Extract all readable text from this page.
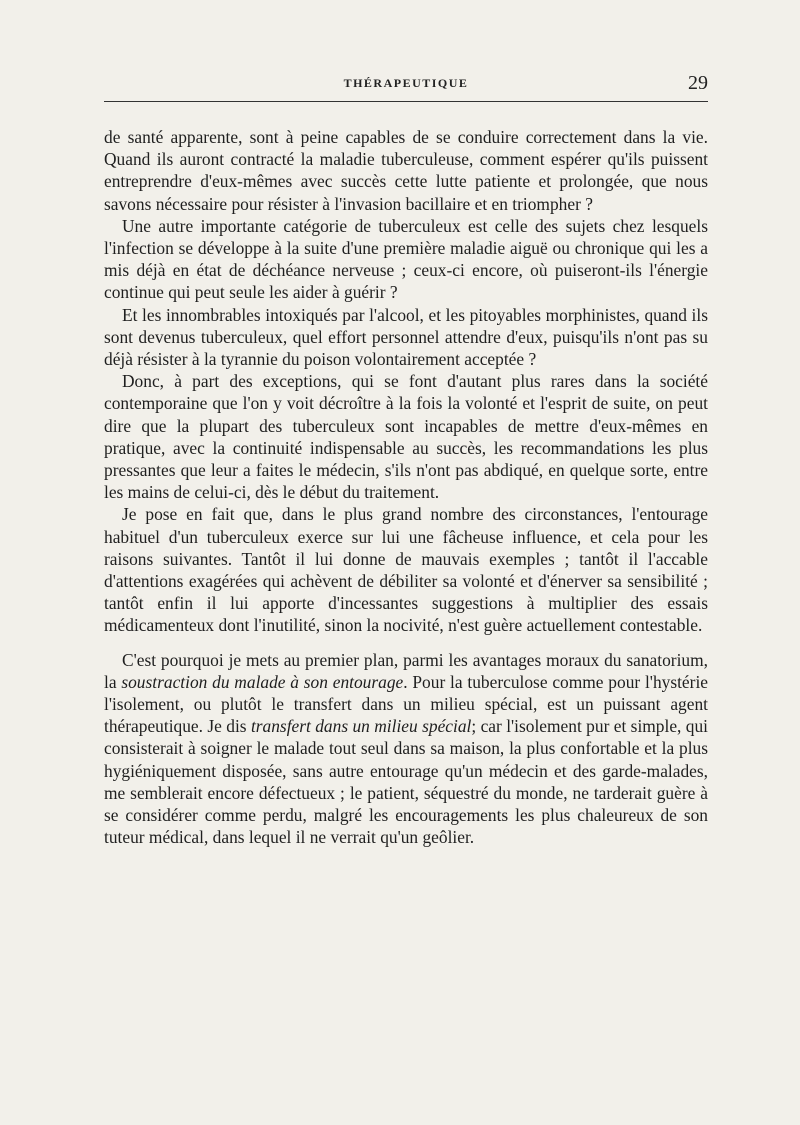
THÉRAPEUTIQUE	29

de santé apparente, sont à peine capables de se conduire correctement dans la vie. Quand ils auront contracté la maladie tuberculeuse, comment espérer qu'ils puissent entreprendre d'eux-mêmes avec succès cette lutte patiente et prolongée, que nous savons nécessaire pour résister à l'invasion bacillaire et en triompher ?

Une autre importante catégorie de tuberculeux est celle des sujets chez lesquels l'infection se développe à la suite d'une première maladie aiguë ou chronique qui les a mis déjà en état de déchéance nerveuse ; ceux-ci encore, où puiseront-ils l'énergie continue qui peut seule les aider à guérir ?

Et les innombrables intoxiqués par l'alcool, et les pitoyables morphinistes, quand ils sont devenus tuberculeux, quel effort personnel attendre d'eux, puisqu'ils n'ont pas su déjà résister à la tyrannie du poison volontairement acceptée ?

Donc, à part des exceptions, qui se font d'autant plus rares dans la société contemporaine que l'on y voit décroître à la fois la volonté et l'esprit de suite, on peut dire que la plupart des tuberculeux sont incapables de mettre d'eux-mêmes en pratique, avec la continuité indispensable au succès, les recommandations les plus pressantes que leur a faites le médecin, s'ils n'ont pas abdiqué, en quelque sorte, entre les mains de celui-ci, dès le début du traitement.

Je pose en fait que, dans le plus grand nombre des circonstances, l'entourage habituel d'un tuberculeux exerce sur lui une fâcheuse influence, et cela pour les raisons suivantes. Tantôt il lui donne de mauvais exemples ; tantôt il l'accable d'attentions exagérées qui achèvent de débiliter sa volonté et d'énerver sa sensibilité ; tantôt enfin il lui apporte d'incessantes suggestions à multiplier des essais médicamenteux dont l'inutilité, sinon la nocivité, n'est guère actuellement contestable.

C'est pourquoi je mets au premier plan, parmi les avantages moraux du sanatorium, la soustraction du malade à son entourage. Pour la tuberculose comme pour l'hystérie l'isolement, ou plutôt le transfert dans un milieu spécial, est un puissant agent thérapeutique. Je dis transfert dans un milieu spécial; car l'isolement pur et simple, qui consisterait à soigner le malade tout seul dans sa maison, la plus confortable et la plus hygiéniquement disposée, sans autre entourage qu'un médecin et des garde-malades, me semblerait encore défectueux ; le patient, séquestré du monde, ne tarderait guère à se considérer comme perdu, malgré les encouragements les plus chaleureux de son tuteur médical, dans lequel il ne verrait qu'un geôlier.
